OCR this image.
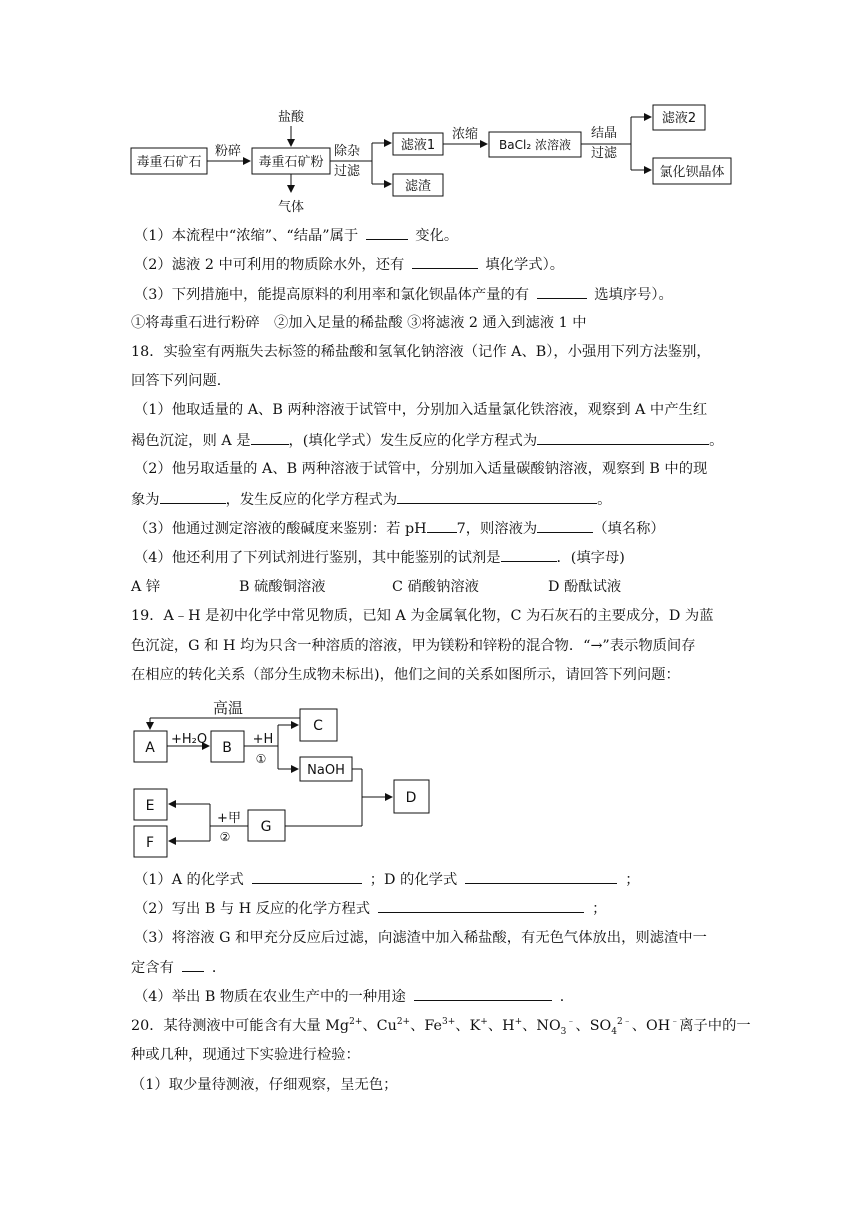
毒重石矿石
粉碎
毒重石矿粉
盐酸
气体
除杂
过滤
滤液1
滤渣
浓缩
BaCl₂ 浓溶液
结晶
过滤
滤液2
氯化钡晶体
（1）本流程中“浓缩”、“结晶”属于	变化。
（2）滤液 2 中可利用的物质除水外，还有	填化学式）。
（3）下列措施中，能提高原料的利用率和氯化钡晶体产量的有	选填序号）。
①将毒重石进行粉碎　②加入足量的稀盐酸 ③将滤液 2 通入到滤液 1 中
18．实验室有两瓶失去标签的稀盐酸和氢氧化钠溶液（记作 A、B），小强用下列方法鉴别，
回答下列问题．
（1）他取适量的 A、B 两种溶液于试管中，分别加入适量氯化铁溶液，观察到 A 中产生红
褐色沉淀，则 A 是	，(填化学式）发生反应的化学方程式为	。
（2）他另取适量的 A、B 两种溶液于试管中，分别加入适量碳酸钠溶液，观察到 B 中的现
象为	，发生反应的化学方程式为	。
（3）他通过测定溶液的酸碱度来鉴别：若 pH 7，则溶液为	（填名称）
（4）他还利用了下列试剂进行鉴别，其中能鉴别的试剂是	．(填字母)
A 锌	B 硫酸铜溶液	C 硝酸钠溶液	D 酚酞试液
19．A﹣H 是初中化学中常见物质，已知 A 为金属氧化物，C 为石灰石的主要成分，D 为蓝
色沉淀，G 和 H 均为只含一种溶质的溶液，甲为镁粉和锌粉的混合物．“→”表示物质间存
在相应的转化关系（部分生成物未标出)，他们之间的关系如图所示，请回答下列问题：
高温
A
+H₂O
B
+H
①
C
NaOH
D
E
F
+甲
②
G
（1）A 的化学式	；D 的化学式	；
（2）写出 B 与 H 反应的化学方程式	；
（3）将溶液 G 和甲充分反应后过滤，向滤渣中加入稀盐酸，有无色气体放出，则滤渣中一
定含有	．
（4）举出 B 物质在农业生产中的一种用途	．
20．某待测液中可能含有大量 $Mg^{2+}$、$Cu^{2+}$、$Fe^{3+}$、K+、H+、$NO_3^﹣$、$SO_4^{2﹣}$、OH﹣离子中的一
种或几种，现通过下实验进行检验：
（1）取少量待测液，仔细观察，呈无色；
